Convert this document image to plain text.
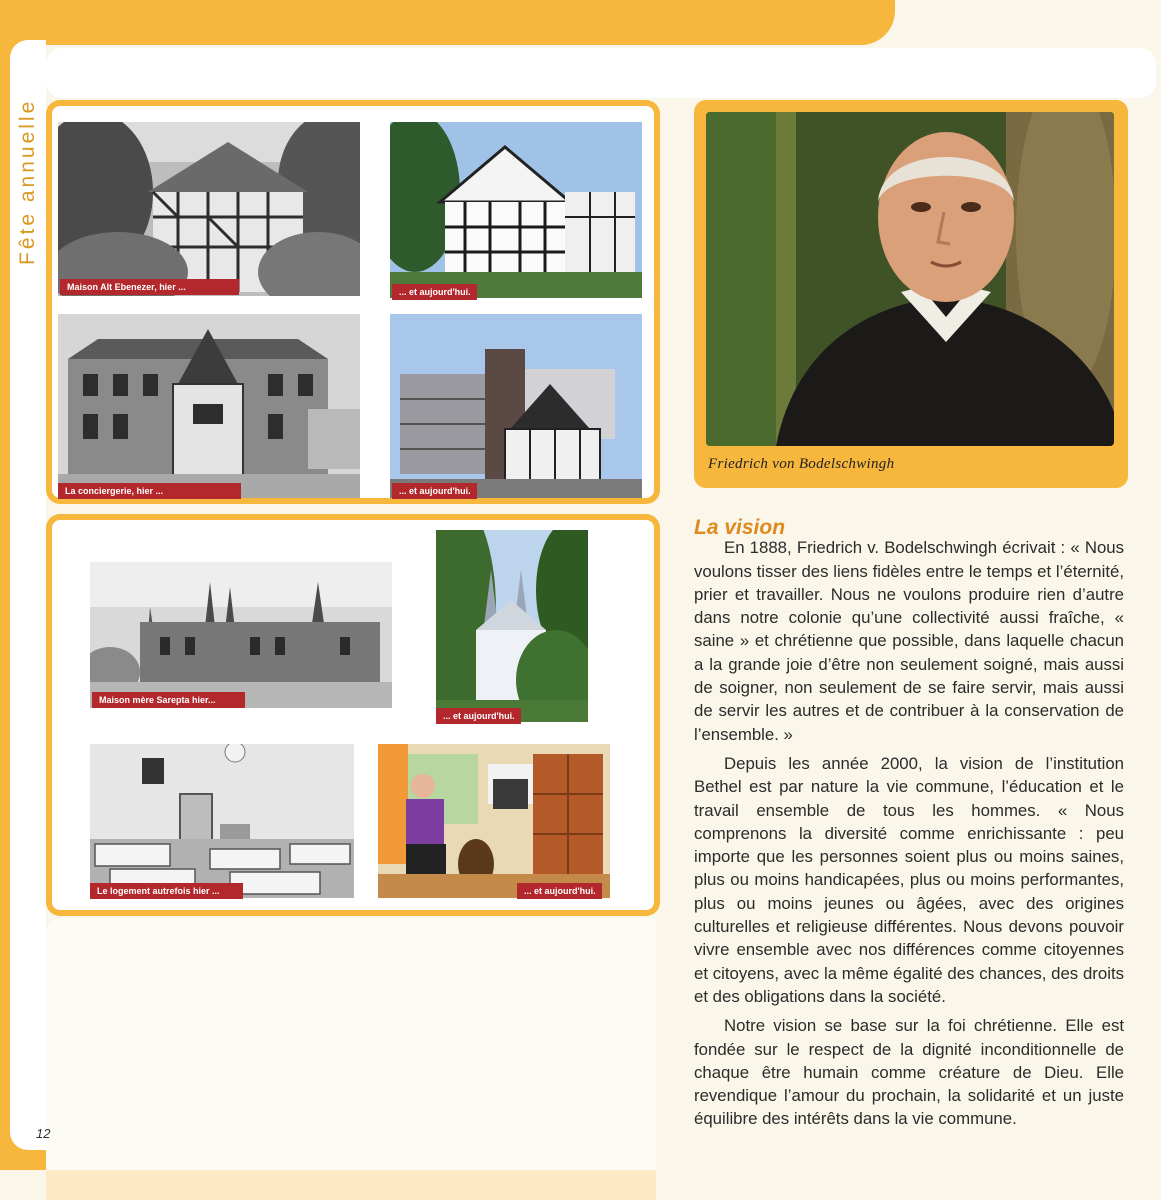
Fête annuelle
Maison Alt Ebenezer, hier ...	... et aujourd'hui.
La conciergerie, hier ...	... et aujourd'hui.
Maison mère Sarepta hier...
... et aujourd'hui.
Le logement autrefois hier ...	... et aujourd'hui.
Friedrich von Bodelschwingh
La vision

En 1888, Friedrich v. Bodelschwingh écrivait : « Nous voulons tisser des liens fidèles entre le temps et l’éternité, prier et travailler. Nous ne voulons produire rien d’autre dans notre colonie qu’une collectivité aussi fraîche, « saine » et chrétienne que possible, dans laquelle chacun a la grande joie d’être non seulement soigné, mais aussi de soigner, non seulement de se faire servir, mais aussi de servir les autres et de contribuer à la conservation de l’ensemble. »

Depuis les année 2000, la vision de l’institution Bethel est par nature la vie commune, l’éducation et le travail ensemble de tous les hommes. « Nous comprenons la diversité comme enrichissante : peu importe que les personnes soient plus ou moins saines, plus ou moins handicapées, plus ou moins performantes, plus ou moins jeunes ou âgées, avec des origines culturelles et religieuse différentes. Nous devons pouvoir vivre ensemble avec nos différences comme citoyennes et citoyens, avec la même égalité des chances, des droits et des obligations dans la société.

Notre vision se base sur la foi chrétienne. Elle est fondée sur le respect de la dignité inconditionnelle de chaque être humain comme créature de Dieu. Elle revendique l’amour du prochain, la solidarité et un juste équilibre des intérêts dans la vie commune.

12
